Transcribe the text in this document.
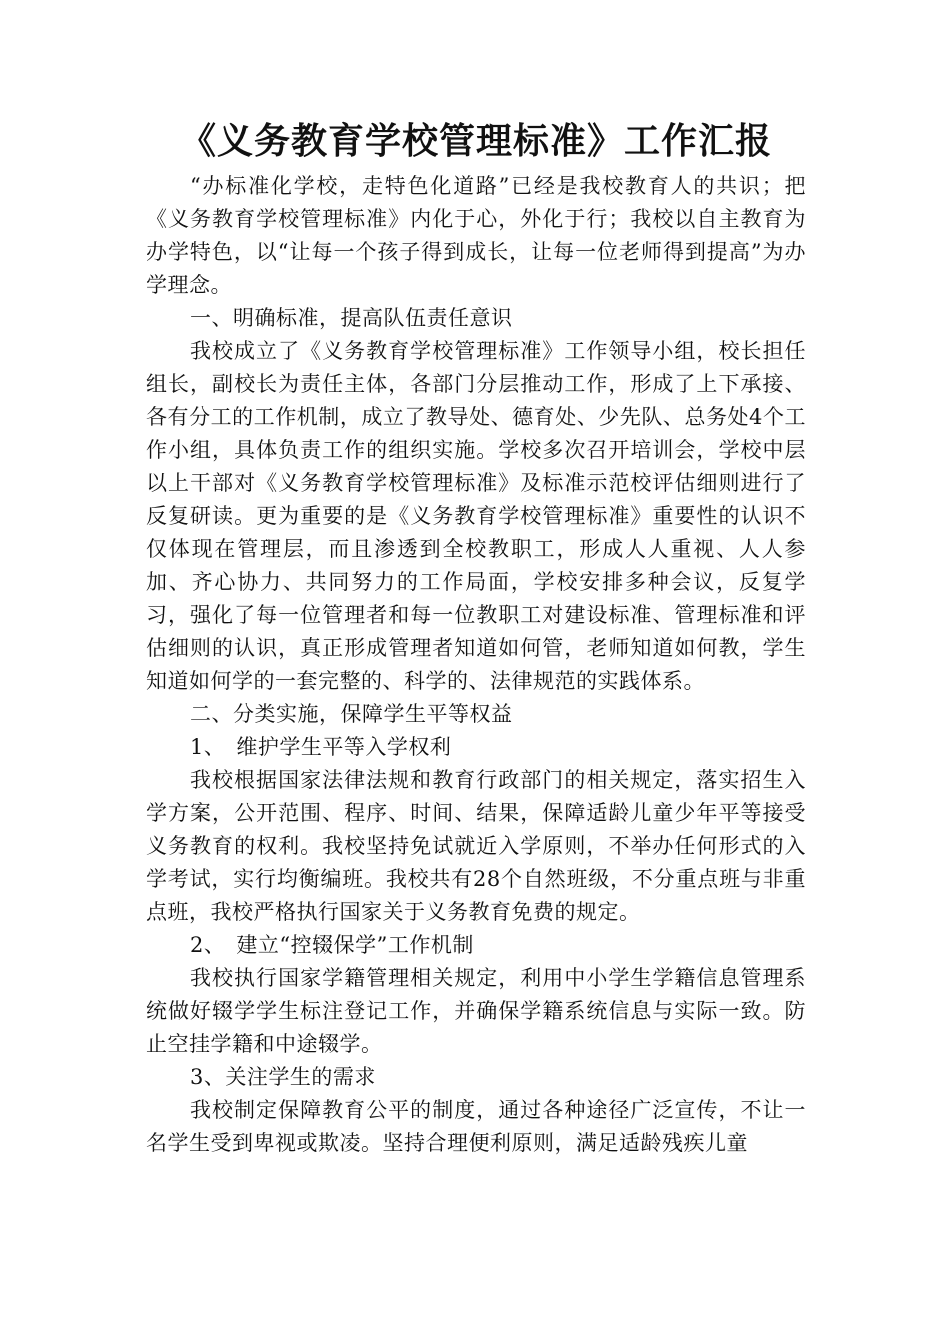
《义务教育学校管理标准》工作汇报

“办标准化学校，走特色化道路”已经是我校教育人的共识；把《义务教育学校管理标准》内化于心，外化于行；我校以自主教育为办学特色，以“让每一个孩子得到成长，让每一位老师得到提高”为办学理念。

一、明确标准，提高队伍责任意识

我校成立了《义务教育学校管理标准》工作领导小组，校长担任组长，副校长为责任主体，各部门分层推动工作，形成了上下承接、各有分工的工作机制，成立了教导处、德育处、少先队、总务处4个工作小组，具体负责工作的组织实施。学校多次召开培训会，学校中层以上干部对《义务教育学校管理标准》及标准示范校评估细则进行了反复研读。更为重要的是《义务教育学校管理标准》重要性的认识不仅体现在管理层，而且渗透到全校教职工，形成人人重视、人人参加、齐心协力、共同努力的工作局面，学校安排多种会议，反复学习，强化了每一位管理者和每一位教职工对建设标准、管理标准和评估细则的认识，真正形成管理者知道如何管，老师知道如何教，学生知道如何学的一套完整的、科学的、法律规范的实践体系。

二、分类实施，保障学生平等权益

1、　维护学生平等入学权利

我校根据国家法律法规和教育行政部门的相关规定，落实招生入 学方案，公开范围、程序、时间、结果，保障适龄儿童少年平等接受 义务教育的权利。我校坚持免试就近入学原则，不举办任何形式的入 学考试，实行均衡编班。我校共有28个自然班级，不分重点班与非重点班，我校严格执行国家关于义务教育免费的规定。

2、　建立“控辍保学”工作机制

我校执行国家学籍管理相关规定，利用中小学生学籍信息管理系统做好辍学学生标注登记工作，并确保学籍系统信息与实际一致。防止空挂学籍和中途辍学。

3、关注学生的需求

我校制定保障教育公平的制度，通过各种途径广泛宣传，不让一 名学生受到卑视或欺凌。坚持合理便利原则，满足适龄残疾儿童
